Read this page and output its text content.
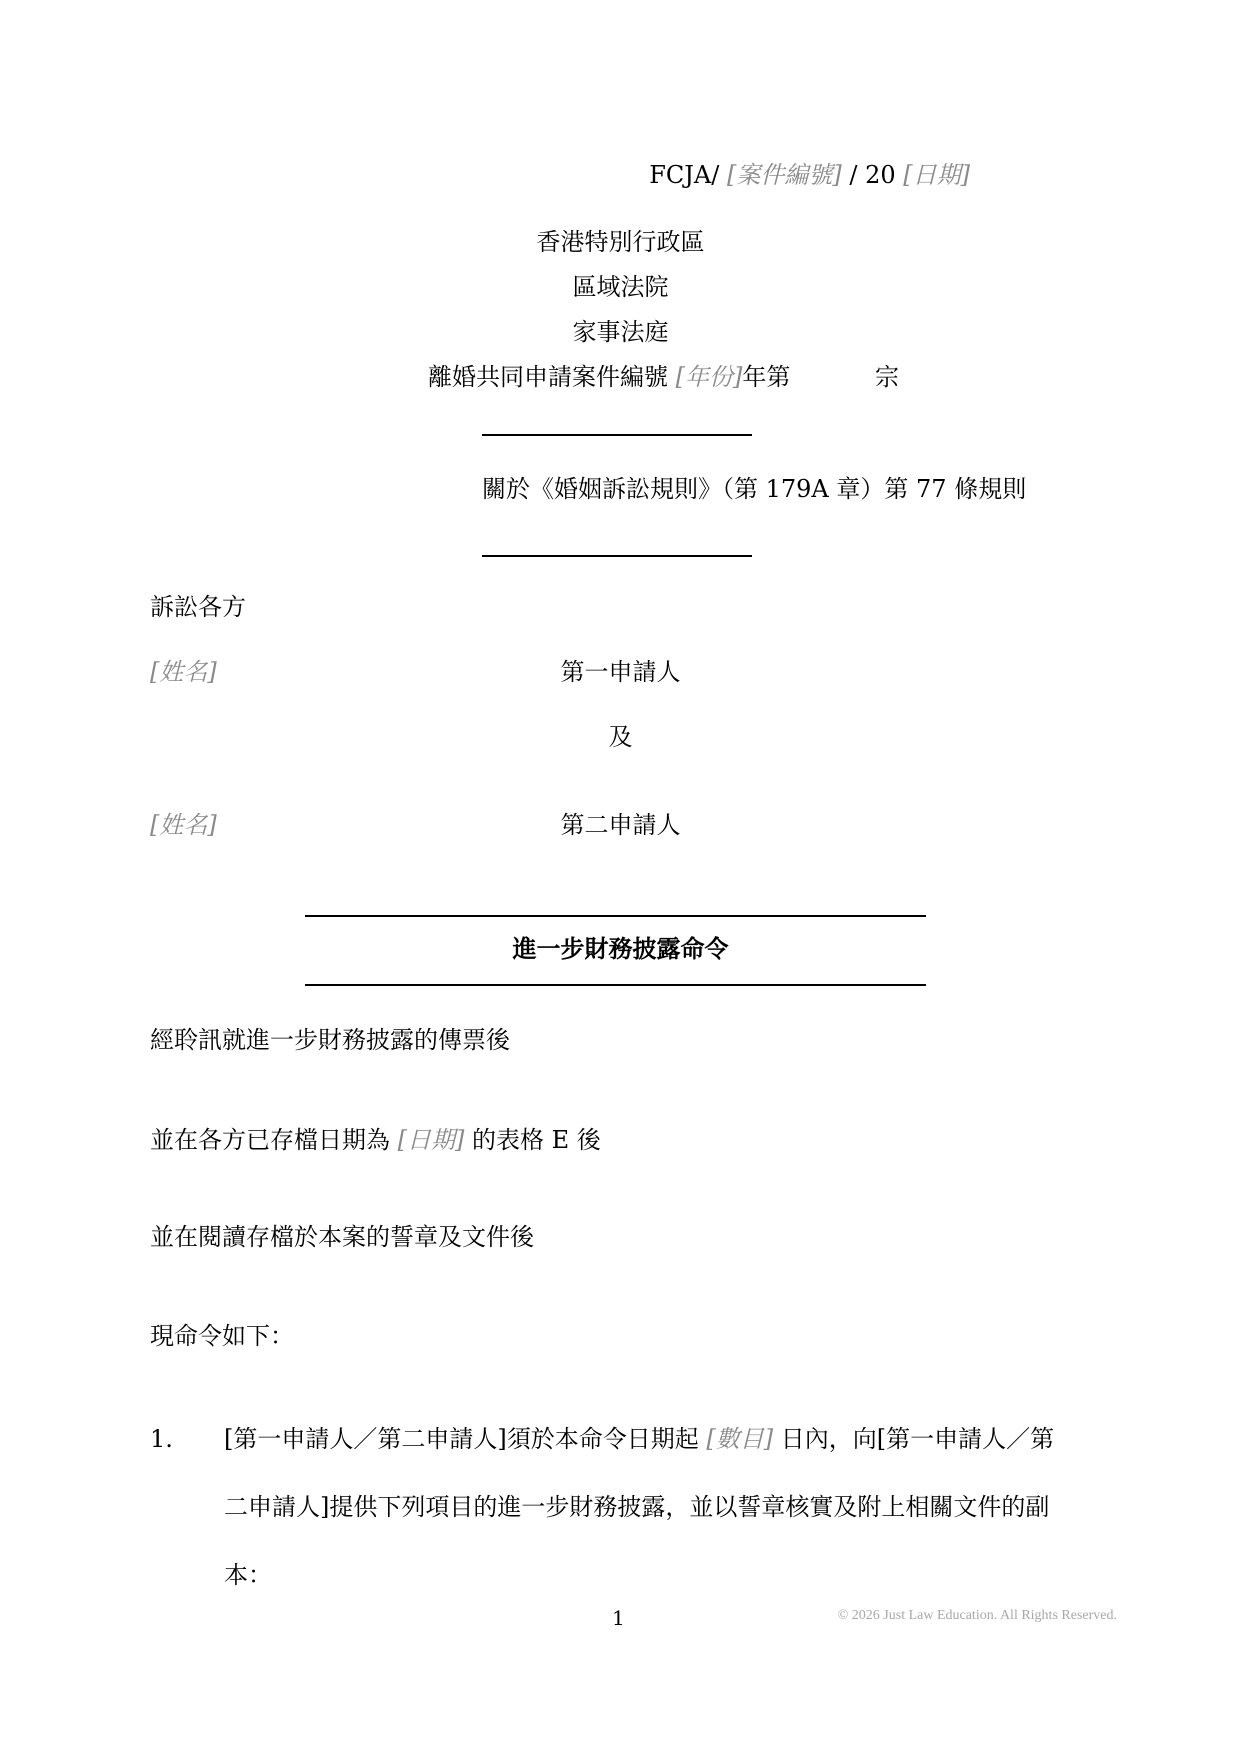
FCJA/ [案件編號] / 20 [日期]
香港特別行政區
區域法院
家事法庭
離婚共同申請案件編號 [年份]年第	宗
關於《婚姻訴訟規則》（第 179A 章）第 77 條規則
訴訟各方
[姓名]	第一申請人
及
[姓名]	第二申請人
進一步財務披露命令
經聆訊就進一步財務披露的傳票後
並在各方已存檔日期為 [日期] 的表格 E 後
並在閱讀存檔於本案的誓章及文件後
現命令如下：
1. [第一申請人／第二申請人]須於本命令日期起 [數目] 日內，向[第一申請人／第
二申請人]提供下列項目的進一步財務披露，並以誓章核實及附上相關文件的副
本：
1	© 2026 Just Law Education. All Rights Reserved.
